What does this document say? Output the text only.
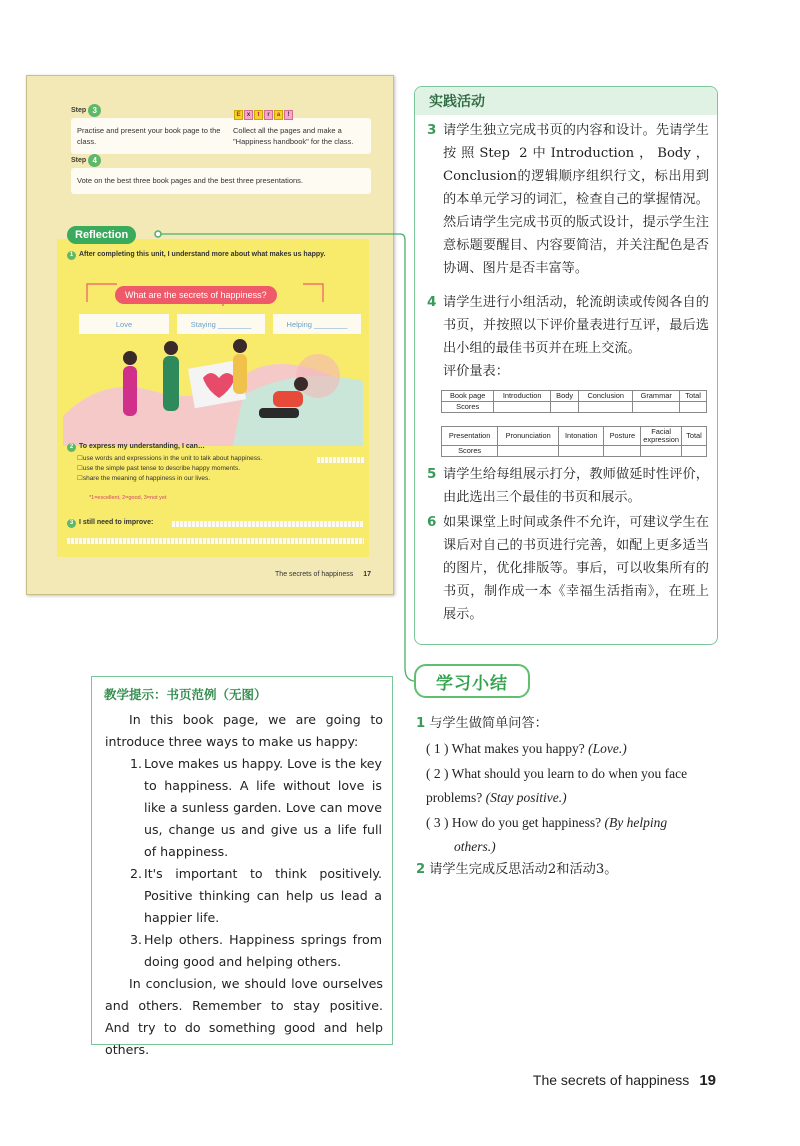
Step 3
Practise and present your book page to the class.
Collect all the pages and make a "Happiness handbook" for the class.
E	x	t	r	a	!
Step 4
Vote on the best three book pages and the best three presentations.
Reflection
1 After completing this unit, I understand more about what makes us happy.
What are the secrets of happiness?
Love	Staying ________	Helping ________
2 To express my understanding, I can…
☐ use words and expressions in the unit to talk about happiness.
☐ use the simple past tense to describe happy moments.
☐ share the meaning of happiness in our lives.
*1=excellent, 2=good, 3=not yet
3 I still need to improve:
The secrets of happiness 17
实践活动
3 请学生独立完成书页的内容和设计。先请学生按照Step 2中Introduction，Body，Conclusion的逻辑顺序组织行文，标出用到的本单元学习的词汇，检查自己的掌握情况。然后请学生完成书页的版式设计，提示学生注意标题要醒目、内容要简洁，并关注配色是否协调、图片是否丰富等。
4 请学生进行小组活动，轮流朗读或传阅各自的书页，并按照以下评价量表进行互评，最后选出小组的最佳书页并在班上交流。
评价量表：
Book page	Introduction	Body	Conclusion	Grammar	Total
Scores					
Presentation	Pronunciation	Intonation	Posture	Facial expression	Total
Scores					
5 请学生给每组展示打分，教师做延时性评价，由此选出三个最佳的书页和展示。
6 如果课堂上时间或条件不允许，可建议学生在课后对自己的书页进行完善，如配上更多适当的图片，优化排版等。事后，可以收集所有的书页，制作成一本《幸福生活指南》，在班上展示。
学习小结
1 与学生做简单问答：
( 1 ) What makes you happy? (Love.)
( 2 ) What should you learn to do when you face problems? (Stay positive.)
( 3 ) How do you get happiness? (By helping
others.)
2 请学生完成反思活动2和活动3。
教学提示：书页范例（无图）
In this book page, we are going to introduce three ways to make us happy:
1. Love makes us happy. Love is the key to happiness. A life without love is like a sunless garden. Love can move us, change us and give us a life full of happiness.
2. It's important to think positively. Positive thinking can help us lead a happier life.
3. Help others. Happiness springs from doing good and helping others.
In conclusion, we should love ourselves and others. Remember to stay positive. And try to do something good and help others.
The secrets of happiness 19
